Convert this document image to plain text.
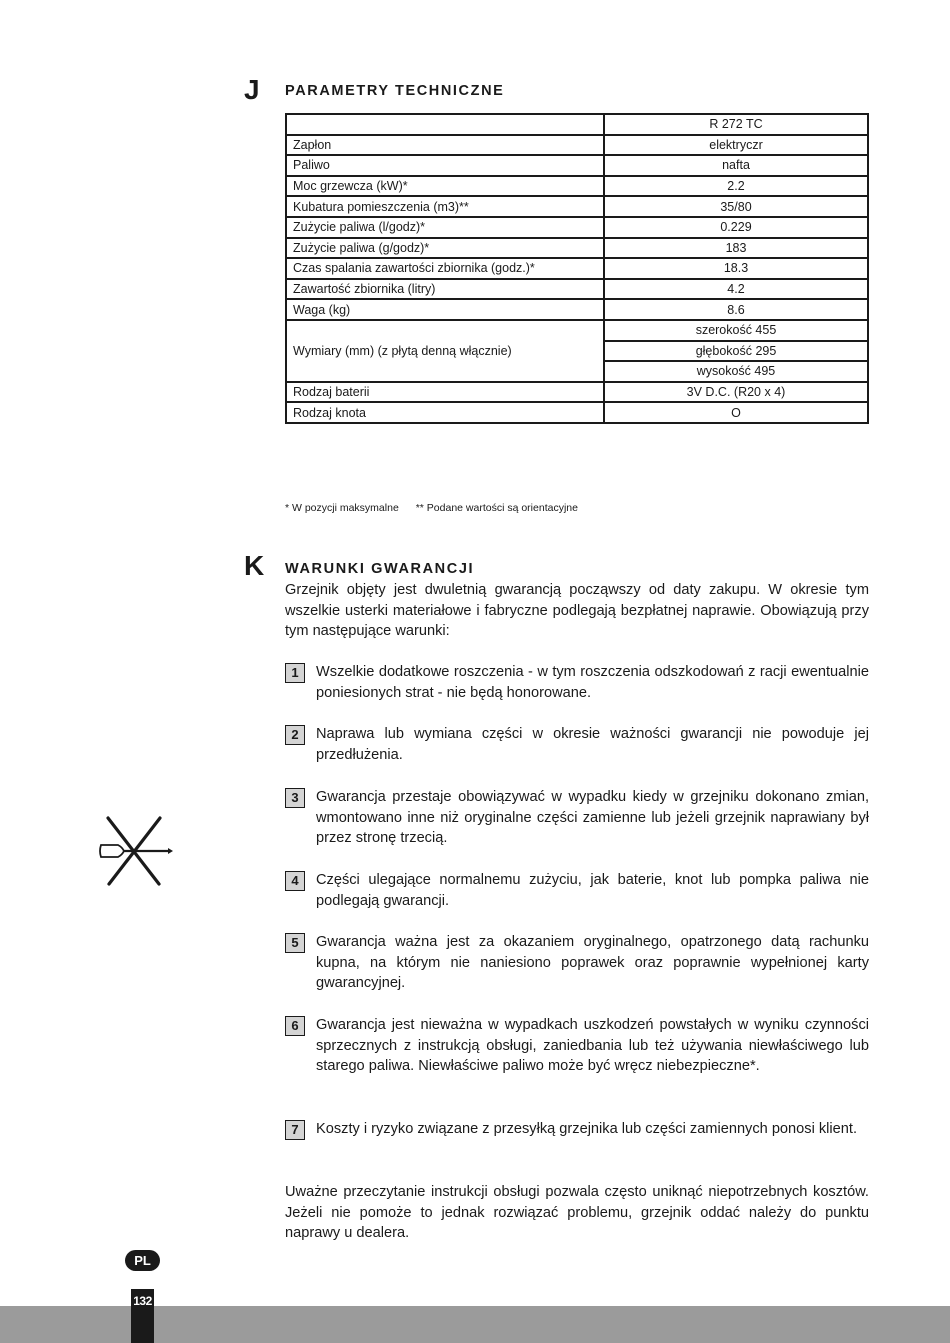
J PARAMETRY TECHNICZNE
	R 272 TC
Zapłon	elektryczr
Paliwo	nafta
Moc grzewcza (kW)*	2.2
Kubatura pomieszczenia (m3)**	35/80
Zużycie paliwa (l/godz)*	0.229
Zużycie paliwa (g/godz)*	183
Czas spalania zawartości zbiornika (godz.)*	18.3
Zawartość zbiornika (litry)	4.2
Waga (kg)	8.6
Wymiary (mm) (z płytą denną włącznie)	szerokość 455
	głębokość 295
	wysokość 495
Rodzaj baterii	3V D.C. (R20 x 4)
Rodzaj knota	O
* W pozycji maksymalne ** Podane wartości są orientacyjne
K WARUNKI GWARANCJI
Grzejnik objęty jest dwuletnią gwarancją począwszy od daty zakupu. W okresie tym wszelkie usterki materiałowe i fabryczne podlegają bezpłatnej naprawie. Obowiązują przy tym następujące warunki:
1	Wszelkie dodatkowe roszczenia - w tym roszczenia odszkodowań z racji ewentualnie poniesionych strat - nie będą honorowane.
2	Naprawa lub wymiana części w okresie ważności gwarancji nie powoduje jej przedłużenia.
3	Gwarancja przestaje obowiązywać w wypadku kiedy w grzejniku dokonano zmian, wmontowano inne niż oryginalne części zamienne lub jeżeli grzejnik naprawiany był przez stronę trzecią.
4	Części ulegające normalnemu zużyciu, jak baterie, knot lub pompka paliwa nie podlegają gwarancji.
5	Gwarancja ważna jest za okazaniem oryginalnego, opatrzonego datą rachunku kupna, na którym nie naniesiono poprawek oraz poprawnie wypełnionej karty gwarancyjnej.
6	Gwarancja jest nieważna w wypadkach uszkodzeń powstałych w wyniku czynności sprzecznych z instrukcją obsługi, zaniedbania lub też używania niewłaściwego lub starego paliwa. Niewłaściwe paliwo może być wręcz niebezpieczne*.
7	Koszty i ryzyko związane z przesyłką grzejnika lub części zamiennych ponosi klient.
Uważne przeczytanie instrukcji obsługi pozwala często uniknąć niepotrzebnych kosztów. Jeżeli nie pomoże to jednak rozwiązać problemu, grzejnik oddać należy do punktu naprawy u dealera.
PL
132
